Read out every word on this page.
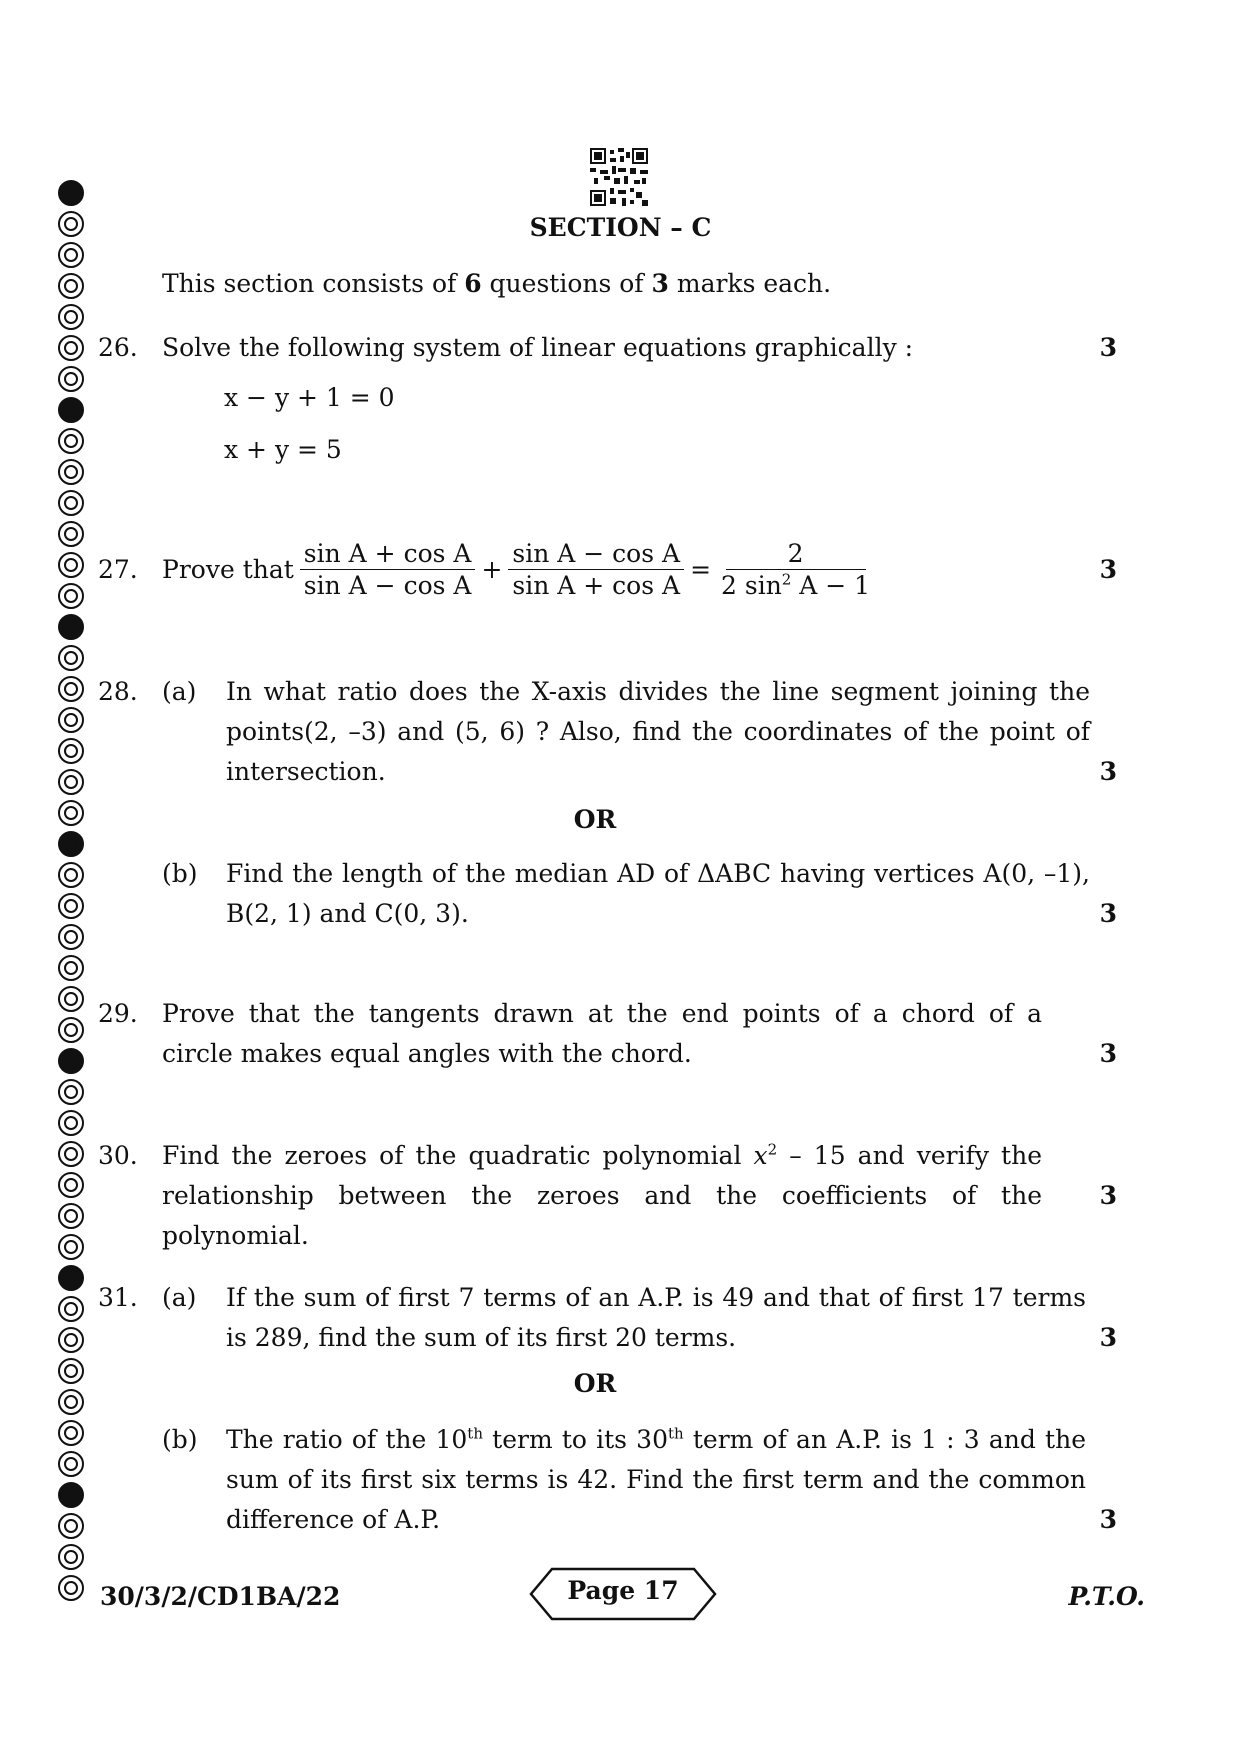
SECTION – C
This section consists of 6 questions of 3 marks each.
26. Solve the following system of linear equations graphically :	3
x − y + 1 = 0
x + y = 5
27. Prove that $\frac{\text{sin A + cos A}}{\text{sin A − cos A}} + \frac{\text{sin A − cos A}}{\text{sin A + cos A}} = \frac{2}{2 \sin^2 A - 1}$	3
28. (a) In what ratio does the X-axis divides the line segment joining the points(2, –3) and (5, 6) ? Also, find the coordinates of the point of intersection.	3
OR
(b) Find the length of the median AD of ΔABC having vertices A(0, –1), B(2, 1) and C(0, 3).	3
29. Prove that the tangents drawn at the end points of a chord of a circle makes equal angles with the chord.	3
30. Find the zeroes of the quadratic polynomial $x^2 - 15$ and verify the relationship between the zeroes and the coefficients of the polynomial.
3
31. (a) If the sum of first 7 terms of an A.P. is 49 and that of first 17 terms is 289, find the sum of its first 20 terms.	3
OR
(b) The ratio of the 10th term to its 30th term of an A.P. is 1 : 3 and the sum of its first six terms is 42. Find the first term and the common difference of A.P.	3
30/3/2/CD1BA/22	Page 17	P.T.O.
